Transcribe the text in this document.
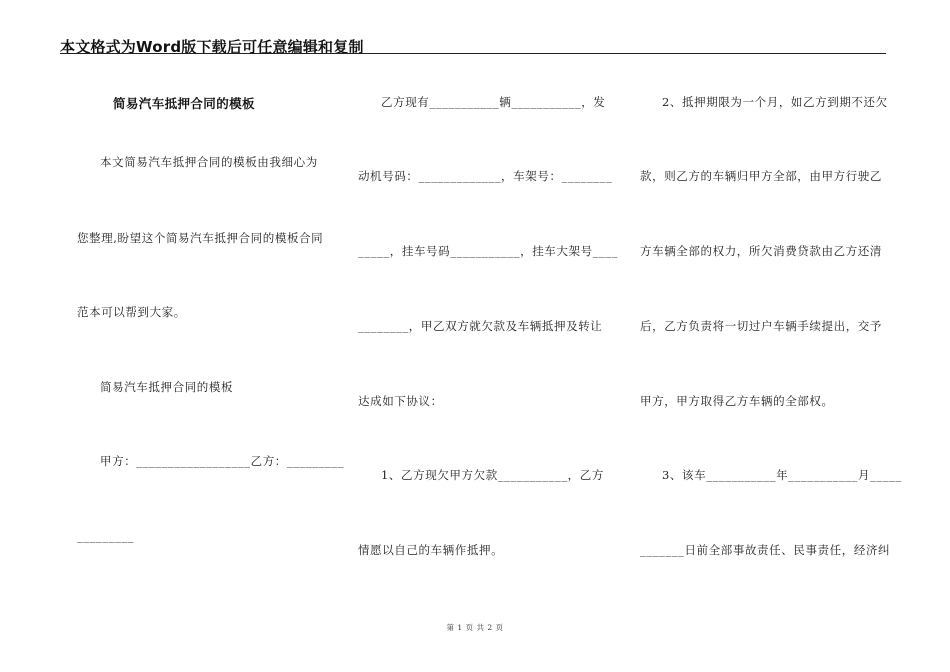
本文格式为Word版下载后可任意编辑和复制
简易汽车抵押合同的模板
本文简易汽车抵押合同的模板由我细心为
您整理,盼望这个简易汽车抵押合同的模板合同
范本可以帮到大家。
简易汽车抵押合同的模板
甲方：__________________乙方：_________
_________
乙方现有___________辆___________，发
动机号码：_____________，车架号：________
_____，挂车号码___________，挂车大架号____
________，甲乙双方就欠款及车辆抵押及转让
达成如下协议：
1、乙方现欠甲方欠款___________，乙方
情愿以自己的车辆作抵押。
2、抵押期限为一个月，如乙方到期不还欠
款，则乙方的车辆归甲方全部，由甲方行驶乙
方车辆全部的权力，所欠消费贷款由乙方还清
后，乙方负责将一切过户车辆手续提出，交予
甲方，甲方取得乙方车辆的全部权。
3、该车___________年___________月_____
_______日前全部事故责任、民事责任，经济纠
第 1 页 共 2 页
